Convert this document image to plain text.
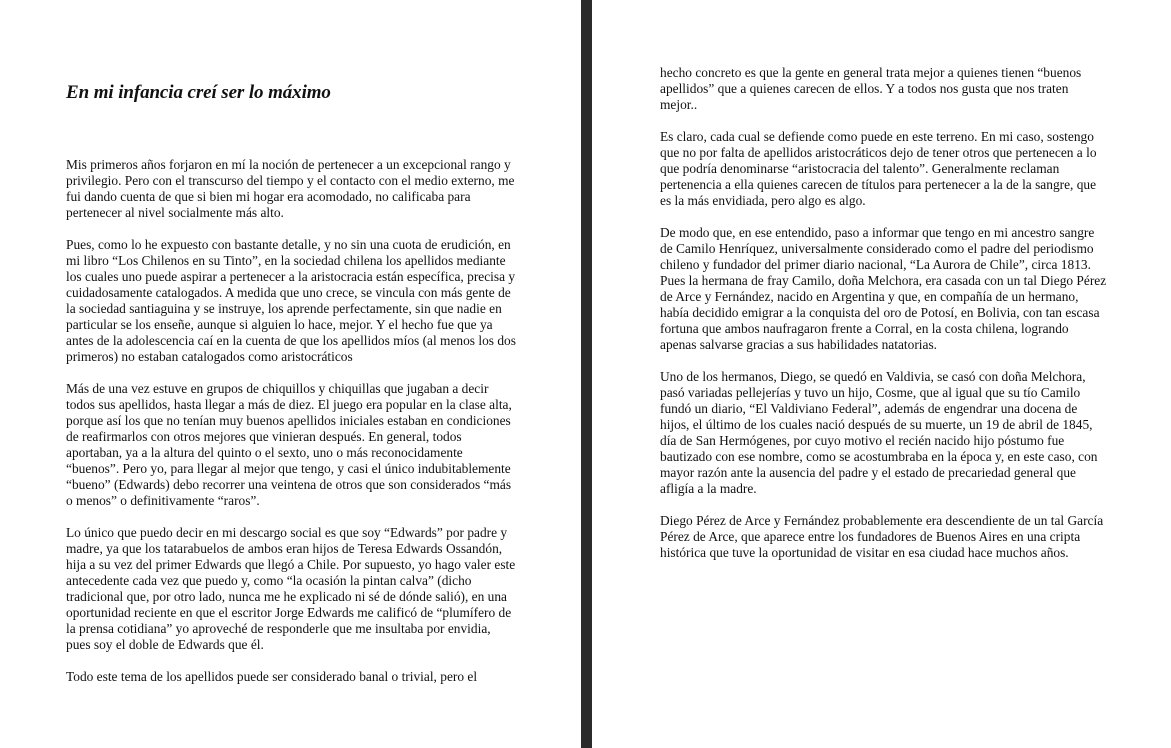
En mi infancia creí ser lo máximo

Mis primeros años forjaron en mí la noción de pertenecer a un excepcional rango y privilegio. Pero con el transcurso del tiempo y el contacto con el medio externo, me fui dando cuenta de que si bien mi hogar era acomodado, no calificaba para pertenecer al nivel socialmente más alto.

Pues, como lo he expuesto con bastante detalle, y no sin una cuota de erudición, en mi libro “Los Chilenos en su Tinto”, en la sociedad chilena los apellidos mediante los cuales uno puede aspirar a pertenecer a la aristocracia están específica, precisa y cuidadosamente catalogados. A medida que uno crece, se vincula con más gente de la sociedad santiaguina y se instruye, los aprende perfectamente, sin que nadie en particular se los enseñe, aunque si alguien lo hace, mejor. Y el hecho fue que ya antes de la adolescencia caí en la cuenta de que los apellidos míos (al menos los dos primeros) no estaban catalogados como aristocráticos

Más de una vez estuve en grupos de chiquillos y chiquillas que jugaban a decir todos sus apellidos, hasta llegar a más de diez. El juego era popular en la clase alta, porque así los que no tenían muy buenos apellidos iniciales estaban en condiciones de reafirmarlos con otros mejores que vinieran después. En general, todos aportaban, ya a la altura del quinto o el sexto, uno o más reconocidamente “buenos”. Pero yo, para llegar al mejor que tengo, y casi el único indubitablemente “bueno” (Edwards) debo recorrer una veintena de otros que son considerados “más o menos” o definitivamente “raros”.

Lo único que puedo decir en mi descargo social es que soy “Edwards” por padre y madre, ya que los tatarabuelos de ambos eran hijos de Teresa Edwards Ossandón, hija a su vez del primer Edwards que llegó a Chile. Por supuesto, yo hago valer este antecedente cada vez que puedo y, como “la ocasión la pintan calva” (dicho tradicional que, por otro lado, nunca me he explicado ni sé de dónde salió), en una oportunidad reciente en que el escritor Jorge Edwards me calificó de “plumífero de la prensa cotidiana” yo aproveché de responderle que me insultaba por envidia, pues soy el doble de Edwards que él.

Todo este tema de los apellidos puede ser considerado banal o trivial, pero el

hecho concreto es que la gente en general trata mejor a quienes tienen “buenos apellidos” que a quienes carecen de ellos. Y a todos nos gusta que nos traten mejor..

Es claro, cada cual se defiende como puede en este terreno. En mi caso, sostengo que no por falta de apellidos aristocráticos dejo de tener otros que pertenecen a lo que podría denominarse “aristocracia del talento”. Generalmente reclaman pertenencia a ella quienes carecen de títulos para pertenecer a la de la sangre, que es la más envidiada, pero algo es algo.

De modo que, en ese entendido, paso a informar que tengo en mi ancestro sangre de Camilo Henríquez, universalmente considerado como el padre del periodismo chileno y fundador del primer diario nacional, “La Aurora de Chile”, circa 1813. Pues la hermana de fray Camilo, doña Melchora, era casada con un tal Diego Pérez de Arce y Fernández, nacido en Argentina y que, en compañía de un hermano, había decidido emigrar a la conquista del oro de Potosí, en Bolivia, con tan escasa fortuna que ambos naufragaron frente a Corral, en la costa chilena, logrando apenas salvarse gracias a sus habilidades natatorias.

Uno de los hermanos, Diego, se quedó en Valdivia, se casó con doña Melchora, pasó variadas pellejerías y tuvo un hijo, Cosme, que al igual que su tío Camilo fundó un diario, “El Valdiviano Federal”, además de engendrar una docena de hijos, el último de los cuales nació después de su muerte, un 19 de abril de 1845, día de San Hermógenes, por cuyo motivo el recién nacido hijo póstumo fue bautizado con ese nombre, como se acostumbraba en la época y, en este caso, con mayor razón ante la ausencia del padre y el estado de precariedad general que afligía a la madre.

Diego Pérez de Arce y Fernández probablemente era descendiente de un tal García Pérez de Arce, que aparece entre los fundadores de Buenos Aires en una cripta histórica que tuve la oportunidad de visitar en esa ciudad hace muchos años.
